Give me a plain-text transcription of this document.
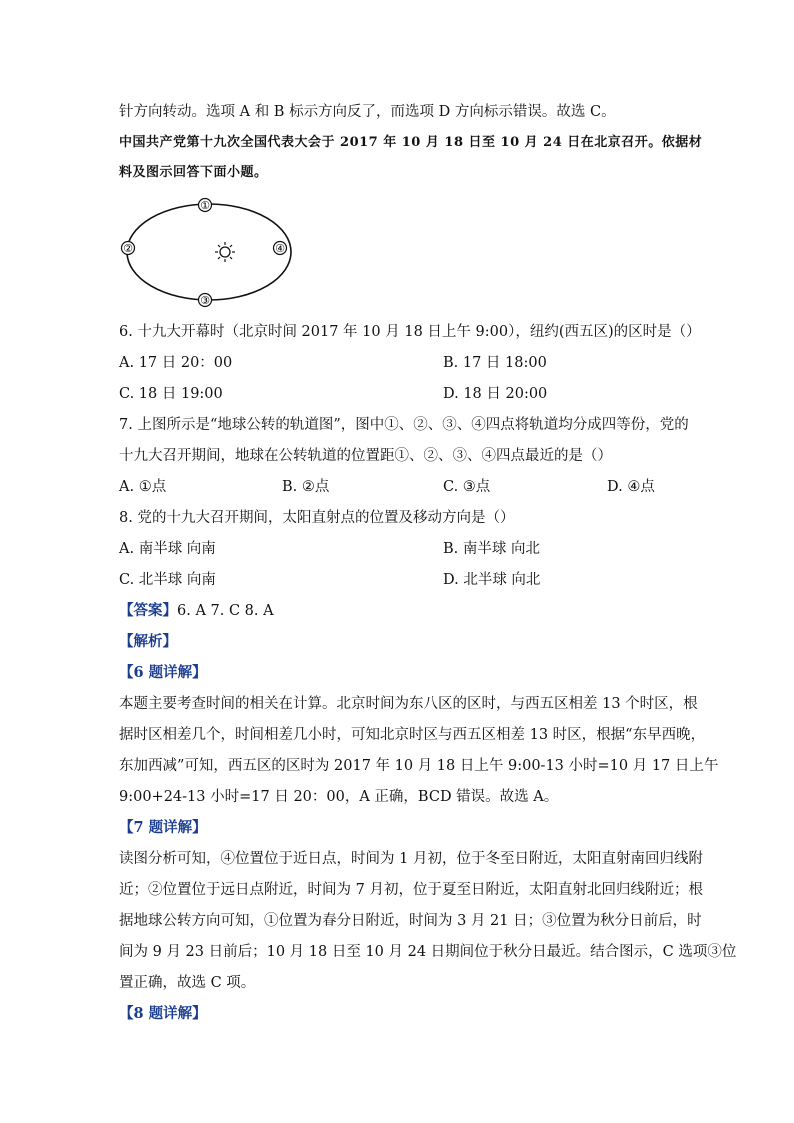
针方向转动。选项 A 和 B 标示方向反了，而选项 D 方向标示错误。故选 C。
中国共产党第十九次全国代表大会于 2017 年 10 月 18 日至 10 月 24 日在北京召开。依据材
料及图示回答下面小题。
①
②
③
④
6. 十九大开幕时（北京时间 2017 年 10 月 18 日上午 9:00），纽约(西五区)的区时是（）
A. 17 日 20：00	B. 17 日 18:00
C. 18 日 19:00	D. 18 日 20:00
7. 上图所示是“地球公转的轨道图”，图中①、②、③、④四点将轨道均分成四等份，党的
十九大召开期间，地球在公转轨道的位置距①、②、③、④四点最近的是（）
A. ①点	B. ②点	C. ③点	D. ④点
8. 党的十九大召开期间，太阳直射点的位置及移动方向是（）
A. 南半球 向南	B. 南半球 向北
C. 北半球 向南	D. 北半球 向北
【答案】6. A 7. C 8. A
【解析】
【6 题详解】
本题主要考查时间的相关在计算。北京时间为东八区的区时，与西五区相差 13 个时区，根
据时区相差几个，时间相差几小时，可知北京时区与西五区相差 13 时区，根据“东早西晚，
东加西减”可知，西五区的区时为 2017 年 10 月 18 日上午 9:00-13 小时=10 月 17 日上午
9:00+24-13 小时=17 日 20：00，A 正确，BCD 错误。故选 A。
【7 题详解】
读图分析可知，④位置位于近日点，时间为 1 月初，位于冬至日附近，太阳直射南回归线附
近；②位置位于远日点附近，时间为 7 月初，位于夏至日附近，太阳直射北回归线附近；根
据地球公转方向可知，①位置为春分日附近，时间为 3 月 21 日；③位置为秋分日前后，时
间为 9 月 23 日前后；10 月 18 日至 10 月 24 日期间位于秋分日最近。结合图示，C 选项③位
置正确，故选 C 项。
【8 题详解】
